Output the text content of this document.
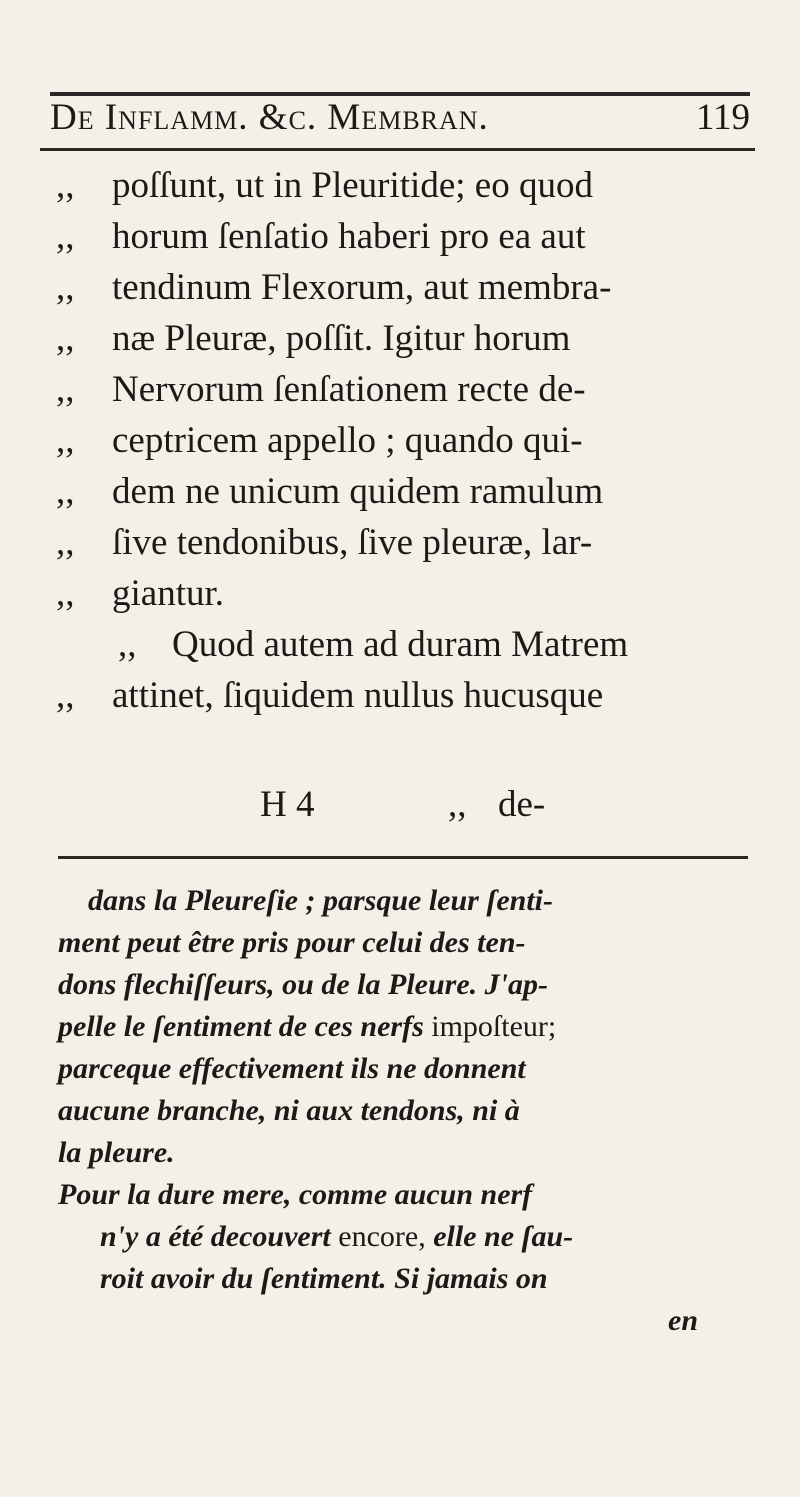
De Inflamm. &c. Membran.	119
,, poſſunt, ut in Pleuritide; eo quod
,, horum ſenſatio haberi pro ea aut
,, tendinum Flexorum, aut membra-
,, næ Pleuræ, poſſit. Igitur horum
,, Nervorum ſenſationem recte de-
,, ceptricem appello ; quando qui-
,, dem ne unicum quidem ramulum
,, ſive tendonibus, ſive pleuræ, lar-
,, giantur.
,, Quod autem ad duram Matrem
,, attinet, ſiquidem nullus hucusque
H 4	,, de-
dans la Pleureſie ; parsque leur ſenti-
ment peut être pris pour celui des ten-
dons flechiſſeurs, ou de la Pleure. J'ap-
pelle le ſentiment de ces nerfs impoſteur;
parceque effectivement ils ne donnent
aucune branche, ni aux tendons, ni à
la pleure.
Pour la dure mere, comme aucun nerf
n'y a été decouvert encore, elle ne ſau-
roit avoir du ſentiment. Si jamais on
en
